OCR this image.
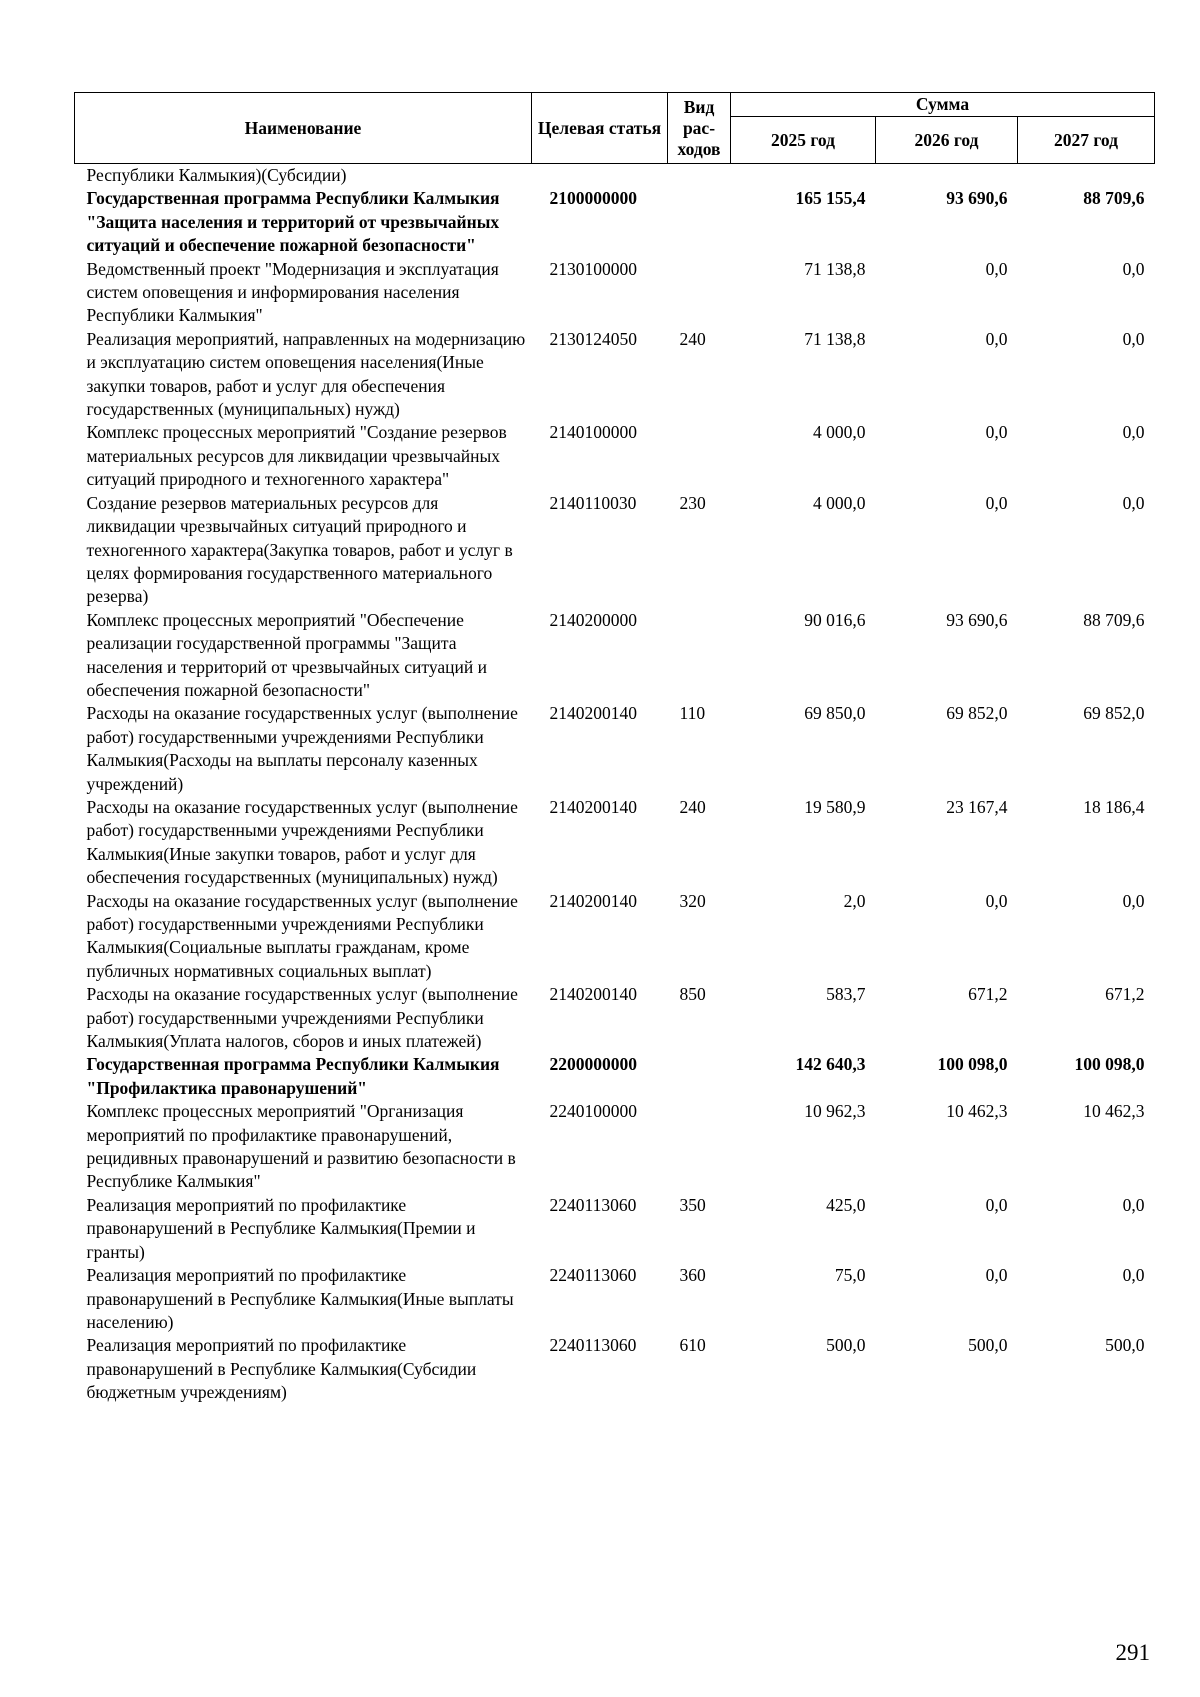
Наименование	Целевая статья	Вид рас-ходов	Сумма		
			2025 год	2026 год	2027 год
Республики Калмыкия)(Субсидии)					
Государственная программа Республики Калмыкия "Защита населения и территорий от чрезвычайных ситуаций и обеспечение пожарной безопасности"	2100000000		165 155,4	93 690,6	88 709,6
Ведомственный проект "Модернизация и эксплуатация систем оповещения и информирования населения Республики Калмыкия"	2130100000		71 138,8	0,0	0,0
Реализация мероприятий, направленных на модернизацию и эксплуатацию систем оповещения населения(Иные закупки товаров, работ и услуг для обеспечения государственных (муниципальных) нужд)	2130124050	240	71 138,8	0,0	0,0
Комплекс процессных мероприятий "Создание резервов материальных ресурсов для ликвидации чрезвычайных ситуаций природного и техногенного характера"	2140100000		4 000,0	0,0	0,0
Создание резервов материальных ресурсов для ликвидации чрезвычайных ситуаций природного и техногенного характера(Закупка товаров, работ и услуг в целях формирования государственного материального резерва)	2140110030	230	4 000,0	0,0	0,0
Комплекс процессных мероприятий "Обеспечение реализации государственной программы "Защита населения и территорий от чрезвычайных ситуаций и обеспечения пожарной безопасности"	2140200000		90 016,6	93 690,6	88 709,6
Расходы на оказание государственных услуг (выполнение работ) государственными учреждениями Республики Калмыкия(Расходы на выплаты персоналу казенных учреждений)	2140200140	110	69 850,0	69 852,0	69 852,0
Расходы на оказание государственных услуг (выполнение работ) государственными учреждениями Республики Калмыкия(Иные закупки товаров, работ и услуг для обеспечения государственных (муниципальных) нужд)	2140200140	240	19 580,9	23 167,4	18 186,4
Расходы на оказание государственных услуг (выполнение работ) государственными учреждениями Республики Калмыкия(Социальные выплаты гражданам, кроме публичных нормативных социальных выплат)	2140200140	320	2,0	0,0	0,0
Расходы на оказание государственных услуг (выполнение работ) государственными учреждениями Республики Калмыкия(Уплата налогов, сборов и иных платежей)	2140200140	850	583,7	671,2	671,2
Государственная программа Республики Калмыкия "Профилактика правонарушений"	2200000000		142 640,3	100 098,0	100 098,0
Комплекс процессных мероприятий "Организация мероприятий по профилактике правонарушений, рецидивных правонарушений и развитию безопасности в Республике Калмыкия"	2240100000		10 962,3	10 462,3	10 462,3
Реализация мероприятий по профилактике правонарушений в Республике Калмыкия(Премии и гранты)	2240113060	350	425,0	0,0	0,0
Реализация мероприятий по профилактике правонарушений в Республике Калмыкия(Иные выплаты населению)	2240113060	360	75,0	0,0	0,0
Реализация мероприятий по профилактике правонарушений в Республике Калмыкия(Субсидии бюджетным учреждениям)	2240113060	610	500,0	500,0	500,0
291
